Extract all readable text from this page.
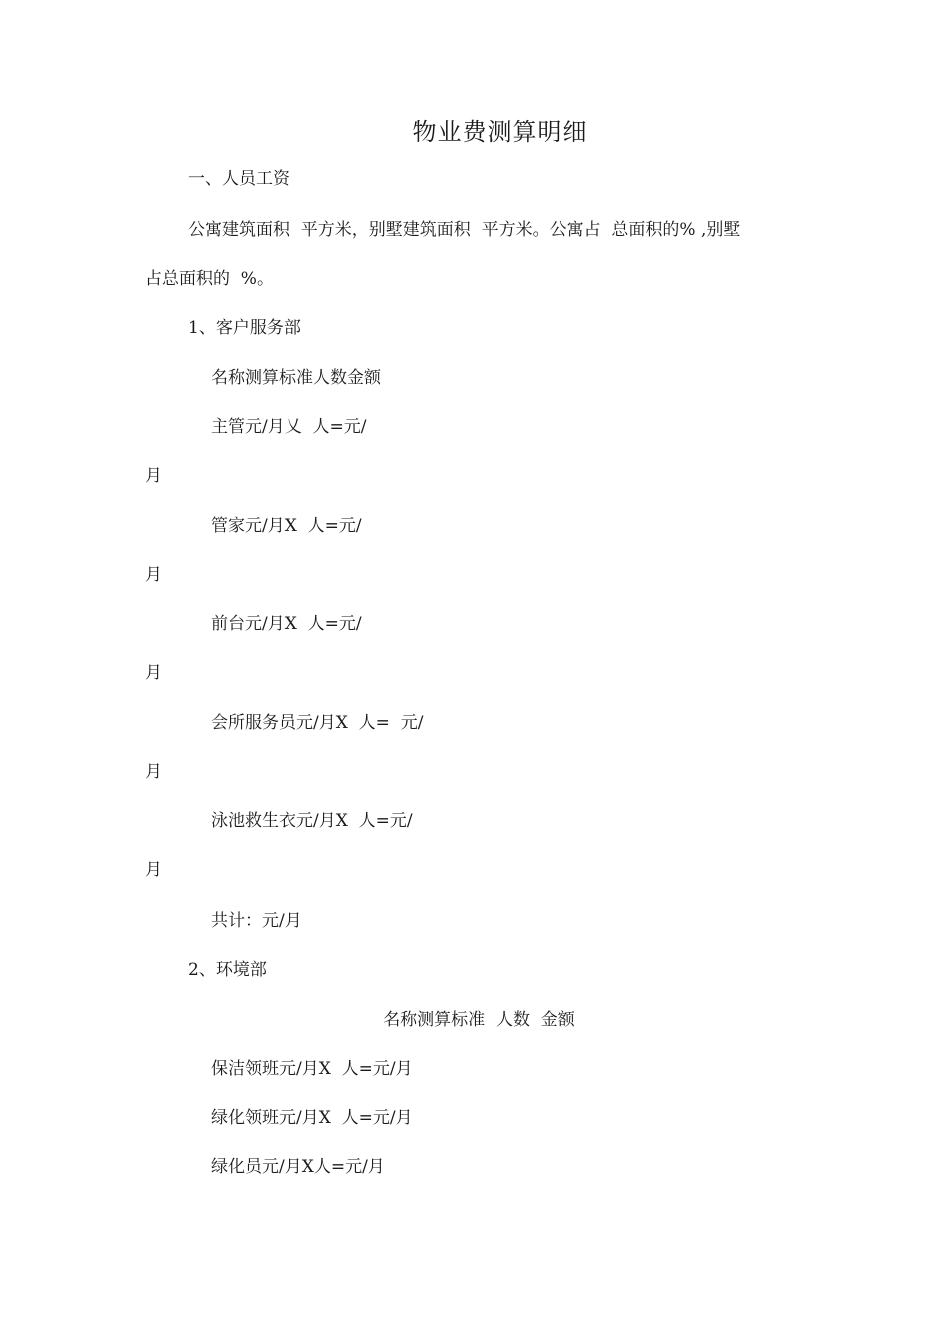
物业费测算明细
一、人员工资
公寓建筑面积  平方米，别墅建筑面积  平方米。公寓占  总面积的% ,别墅
占总面积的  %。
1、客户服务部
名称测算标准人数金额
主管元/月乂  人=元/
月
管家元/月X  人=元/
月
前台元/月X  人=元/
月
会所服务员元/月X  人=  元/
月
泳池救生衣元/月X  人=元/
月
共计：元/月
2、环境部
名称测算标准  人数  金额
保洁领班元/月X  人=元/月
绿化领班元/月X  人=元/月
绿化员元/月X人=元/月
